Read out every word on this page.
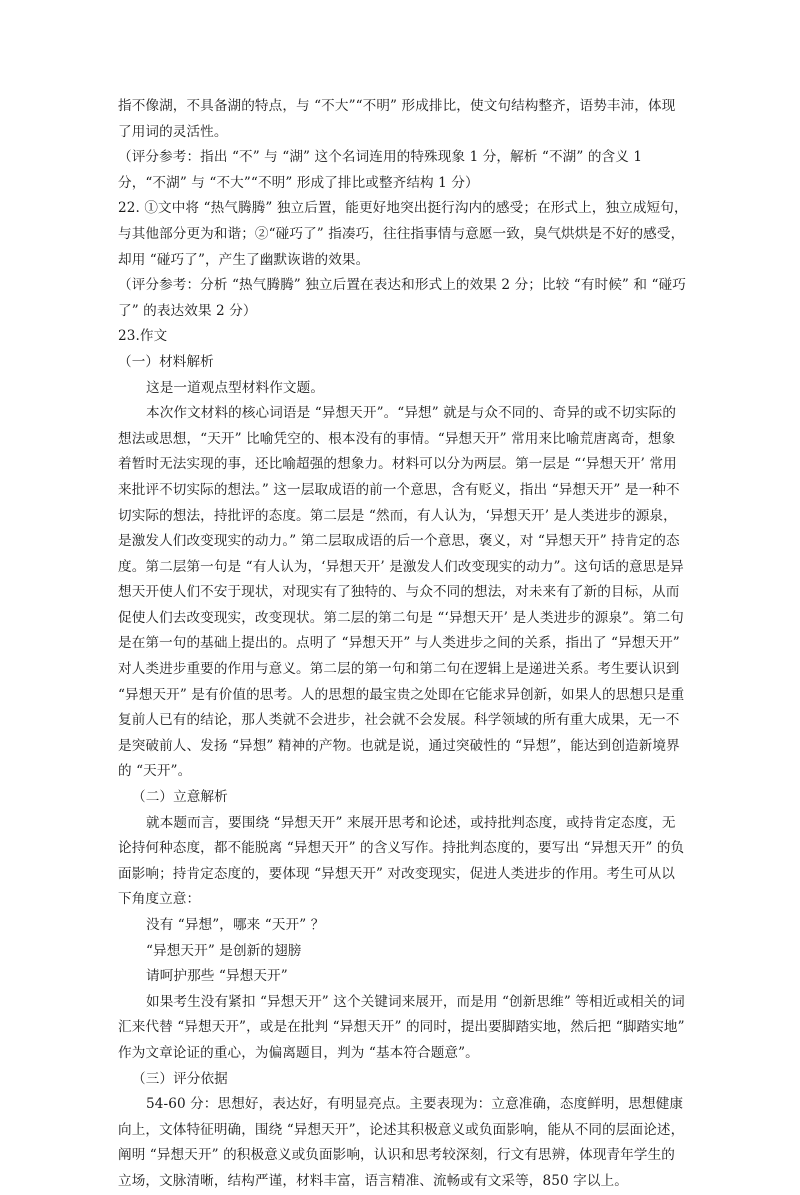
指不像湖，不具备湖的特点，与 “不大”“不明” 形成排比，使文句结构整齐，语势丰沛，体现了用词的灵活性。

（评分参考：指出 “不” 与 “湖” 这个名词连用的特殊现象 1 分，解析 “不湖” 的含义 1 分，“不湖” 与 “不大”“不明” 形成了排比或整齐结构 1 分）

22. ①文中将 “热气腾腾” 独立后置，能更好地突出挺行沟内的感受；在形式上，独立成短句，与其他部分更为和谐；②“碰巧了” 指凑巧，往往指事情与意愿一致，臭气烘烘是不好的感受，却用 “碰巧了”，产生了幽默诙谐的效果。

（评分参考：分析 “热气腾腾” 独立后置在表达和形式上的效果 2 分；比较 “有时候” 和 “碰巧了” 的表达效果 2 分）

23.作文

（一）材料解析

这是一道观点型材料作文题。

本次作文材料的核心词语是 “异想天开”。“异想” 就是与众不同的、奇异的或不切实际的想法或思想，“天开” 比喻凭空的、根本没有的事情。“异想天开” 常用来比喻荒唐离奇，想象着暂时无法实现的事，还比喻超强的想象力。材料可以分为两层。第一层是 “‘异想天开’ 常用来批评不切实际的想法。” 这一层取成语的前一个意思，含有贬义，指出 “异想天开” 是一种不切实际的想法，持批评的态度。第二层是 “然而，有人认为，‘异想天开’ 是人类进步的源泉，是激发人们改变现实的动力。” 第二层取成语的后一个意思，褒义，对 “异想天开” 持肯定的态度。第二层第一句是 “有人认为，‘异想天开’ 是激发人们改变现实的动力”。这句话的意思是异想天开使人们不安于现状，对现实有了独特的、与众不同的想法，对未来有了新的目标，从而促使人们去改变现实，改变现状。第二层的第二句是 “‘异想天开’ 是人类进步的源泉”。第二句是在第一句的基础上提出的。点明了 “异想天开” 与人类进步之间的关系，指出了 “异想天开” 对人类进步重要的作用与意义。第二层的第一句和第二句在逻辑上是递进关系。考生要认识到 “异想天开” 是有价值的思考。人的思想的最宝贵之处即在它能求异创新，如果人的思想只是重复前人已有的结论，那人类就不会进步，社会就不会发展。科学领域的所有重大成果，无一不是突破前人、发扬 “异想” 精神的产物。也就是说，通过突破性的 “异想”，能达到创造新境界的 “天开”。

（二）立意解析

就本题而言，要围绕 “异想天开” 来展开思考和论述，或持批判态度，或持肯定态度，无论持何种态度，都不能脱离 “异想天开” 的含义写作。持批判态度的，要写出 “异想天开” 的负面影响；持肯定态度的，要体现 “异想天开” 对改变现实，促进人类进步的作用。考生可从以下角度立意：

没有 “异想”，哪来 “天开” ？

“异想天开” 是创新的翅膀

请呵护那些 “异想天开”

如果考生没有紧扣 “异想天开” 这个关键词来展开，而是用 “创新思维” 等相近或相关的词汇来代替 “异想天开”，或是在批判 “异想天开” 的同时，提出要脚踏实地，然后把 “脚踏实地” 作为文章论证的重心，为偏离题目，判为 “基本符合题意”。

（三）评分依据

54-60 分：思想好，表达好，有明显亮点。主要表现为：立意准确，态度鲜明，思想健康向上，文体特征明确，围绕 “异想天开”，论述其积极意义或负面影响，能从不同的层面论述，阐明 “异想天开” 的积极意义或负面影响，认识和思考较深刻，行文有思辨，体现青年学生的立场，文脉清晰，结构严谨，材料丰富，语言精准、流畅或有文采等，850 字以上。
